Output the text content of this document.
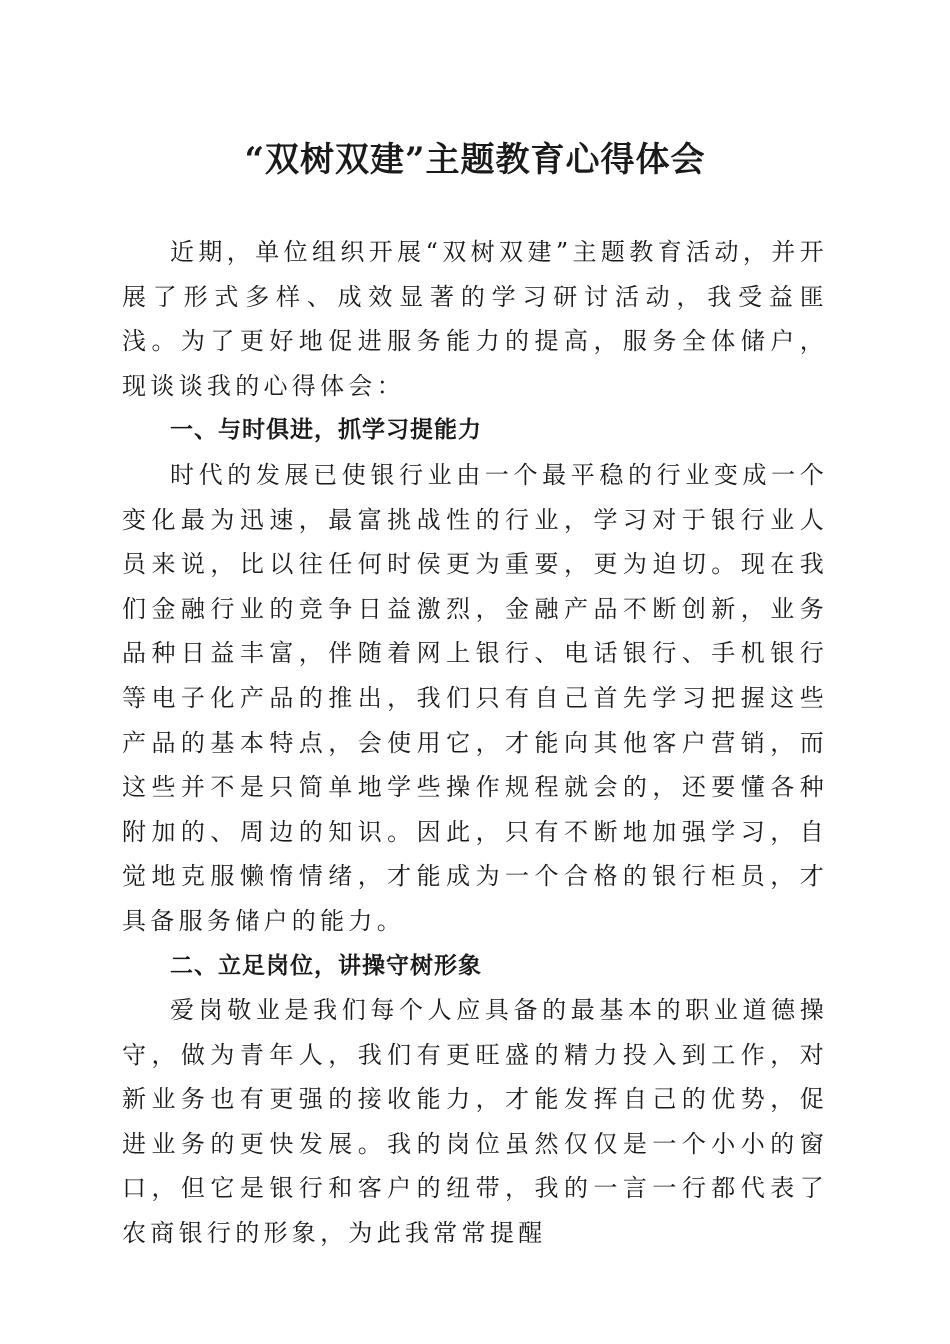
“双树双建”主题教育心得体会

近期，单位组织开展“双树双建”主题教育活动，并开展了形式多样、成效显著的学习研讨活动，我受益匪浅。为了更好地促进服务能力的提高，服务全体储户，现谈谈我的心得体会：

一、与时俱进，抓学习提能力

时代的发展已使银行业由一个最平稳的行业变成一个变化最为迅速，最富挑战性的行业，学习对于银行业人员来说，比以往任何时侯更为重要，更为迫切。现在我们金融行业的竞争日益激烈，金融产品不断创新，业务品种日益丰富，伴随着网上银行、电话银行、手机银行等电子化产品的推出，我们只有自己首先学习把握这些产品的基本特点，会使用它，才能向其他客户营销，而这些并不是只简单地学些操作规程就会的，还要懂各种附加的、周边的知识。因此，只有不断地加强学习，自觉地克服懒惰情绪，才能成为一个合格的银行柜员，才具备服务储户的能力。

二、立足岗位，讲操守树形象

爱岗敬业是我们每个人应具备的最基本的职业道德操守，做为青年人，我们有更旺盛的精力投入到工作，对新业务也有更强的接收能力，才能发挥自己的优势，促进业务的更快发展。我的岗位虽然仅仅是一个小小的窗口，但它是银行和客户的纽带，我的一言一行都代表了农商银行的形象，为此我常常提醒
